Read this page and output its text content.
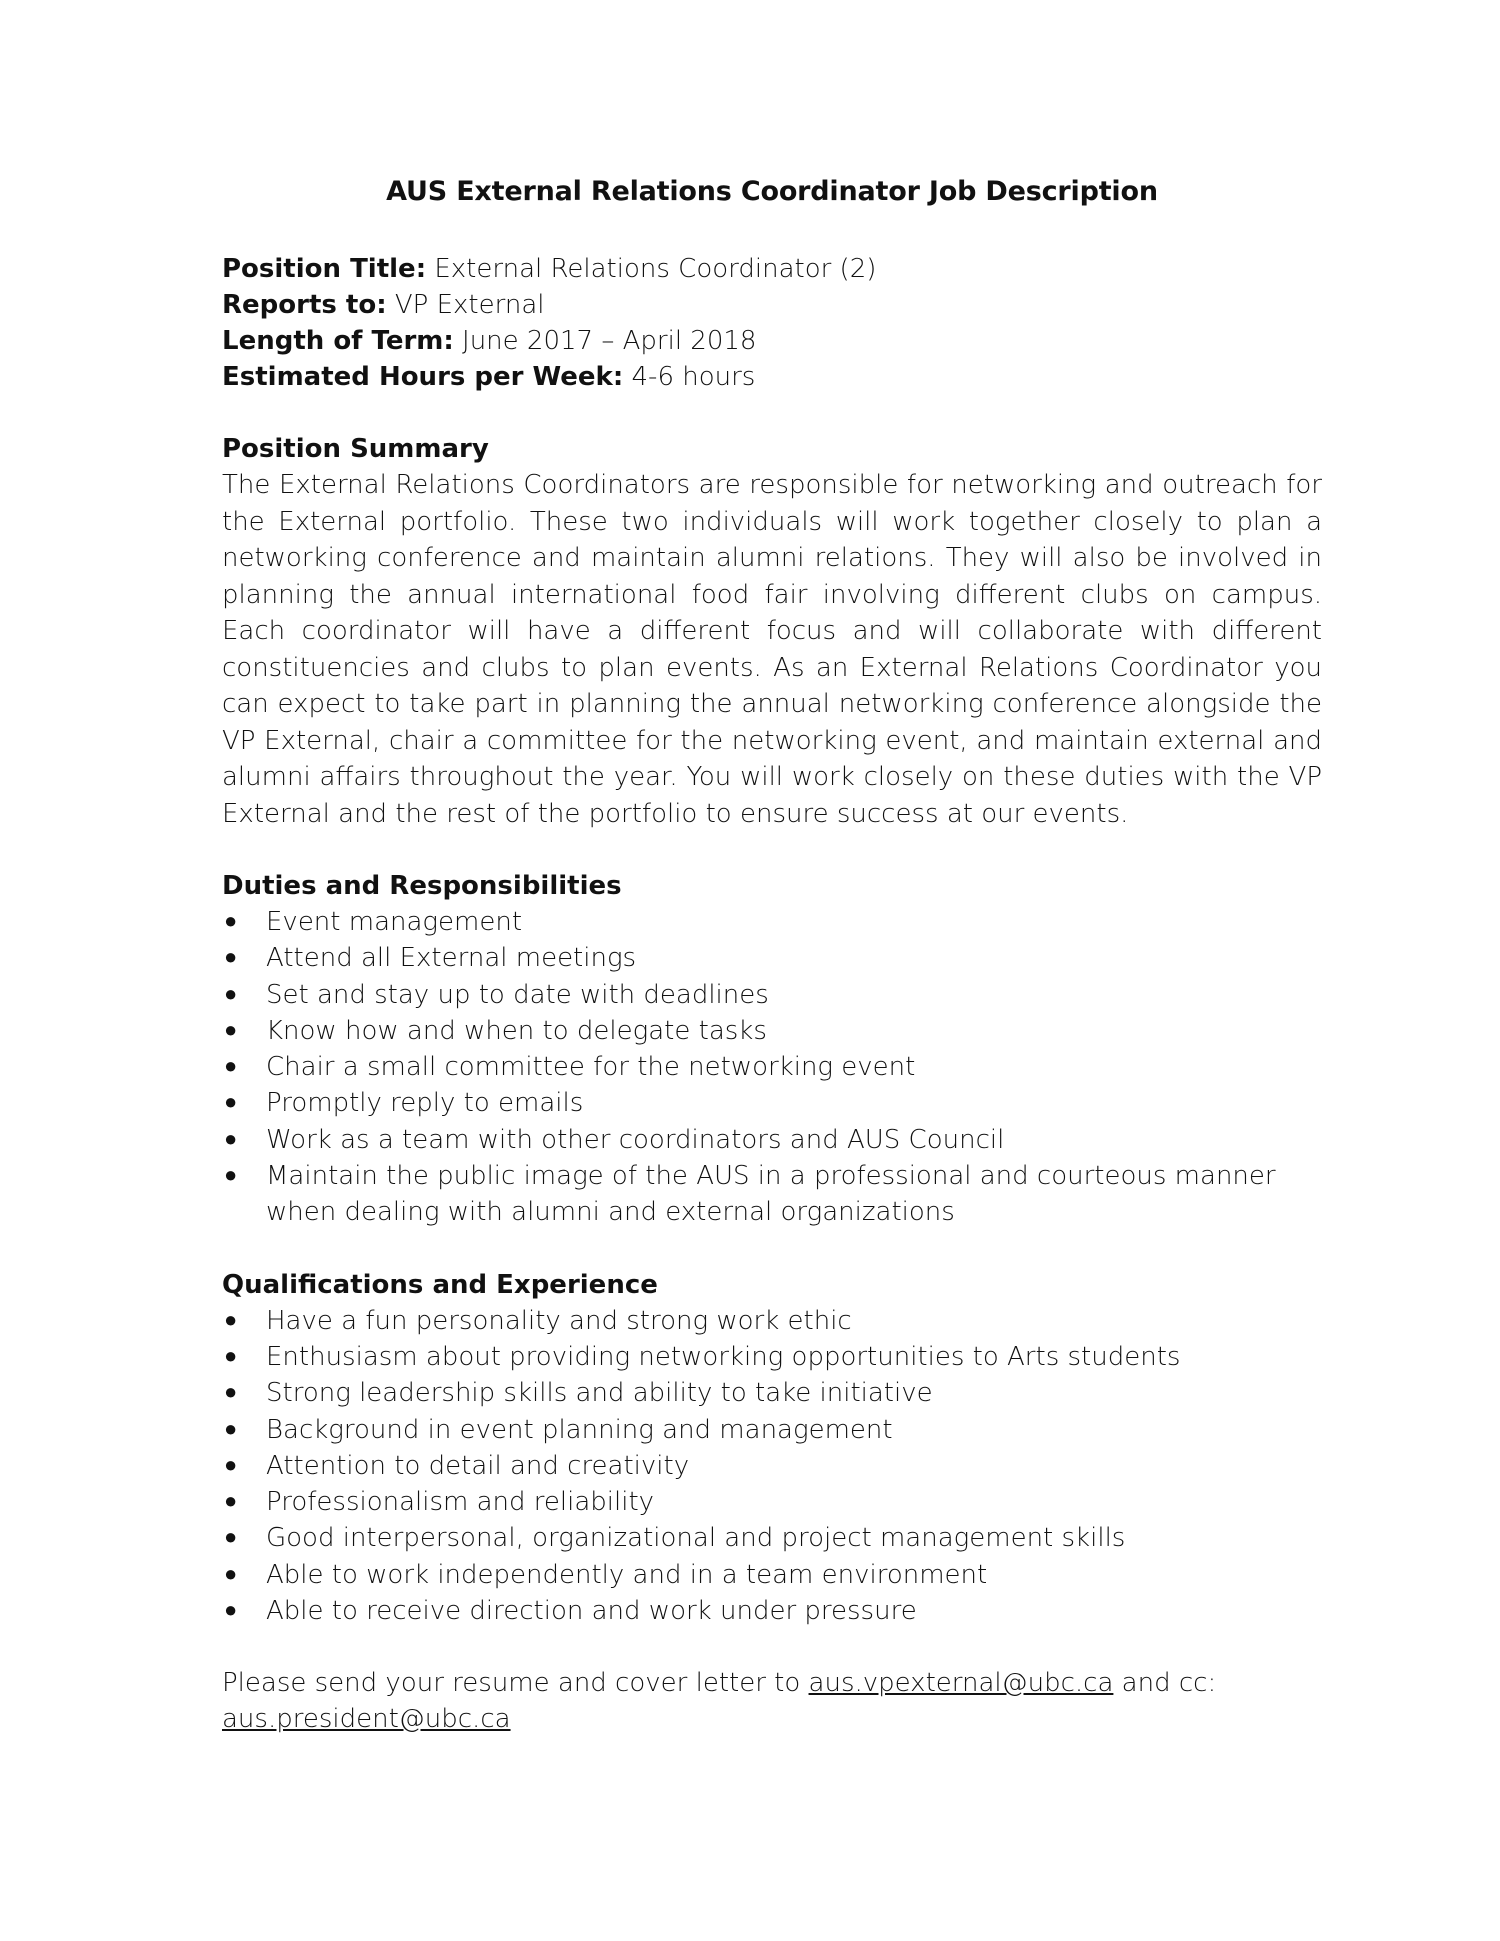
AUS External Relations Coordinator Job Description
Position Title: External Relations Coordinator (2)
Reports to: VP External
Length of Term: June 2017 – April 2018
Estimated Hours per Week: 4-6 hours
Position Summary

The External Relations Coordinators are responsible for networking and outreach for the External portfolio. These two individuals will work together closely to plan a networking conference and maintain alumni relations. They will also be involved in planning the annual international food fair involving different clubs on campus. Each coordinator will have a different focus and will collaborate with different constituencies and clubs to plan events. As an External Relations Coordinator you can expect to take part in planning the annual networking conference alongside the VP External, chair a committee for the networking event, and maintain external and alumni affairs throughout the year. You will work closely on these duties with the VP External and the rest of the portfolio to ensure success at our events.

Duties and Responsibilities
● Event management
● Attend all External meetings
● Set and stay up to date with deadlines
● Know how and when to delegate tasks
● Chair a small committee for the networking event
● Promptly reply to emails
● Work as a team with other coordinators and AUS Council
● Maintain the public image of the AUS in a professional and courteous manner when dealing with alumni and external organizations
Qualifications and Experience
● Have a fun personality and strong work ethic
● Enthusiasm about providing networking opportunities to Arts students
● Strong leadership skills and ability to take initiative
● Background in event planning and management
● Attention to detail and creativity
● Professionalism and reliability
● Good interpersonal, organizational and project management skills
● Able to work independently and in a team environment
● Able to receive direction and work under pressure
Please send your resume and cover letter to aus.vpexternal@ubc.ca and cc:
aus.president@ubc.ca
